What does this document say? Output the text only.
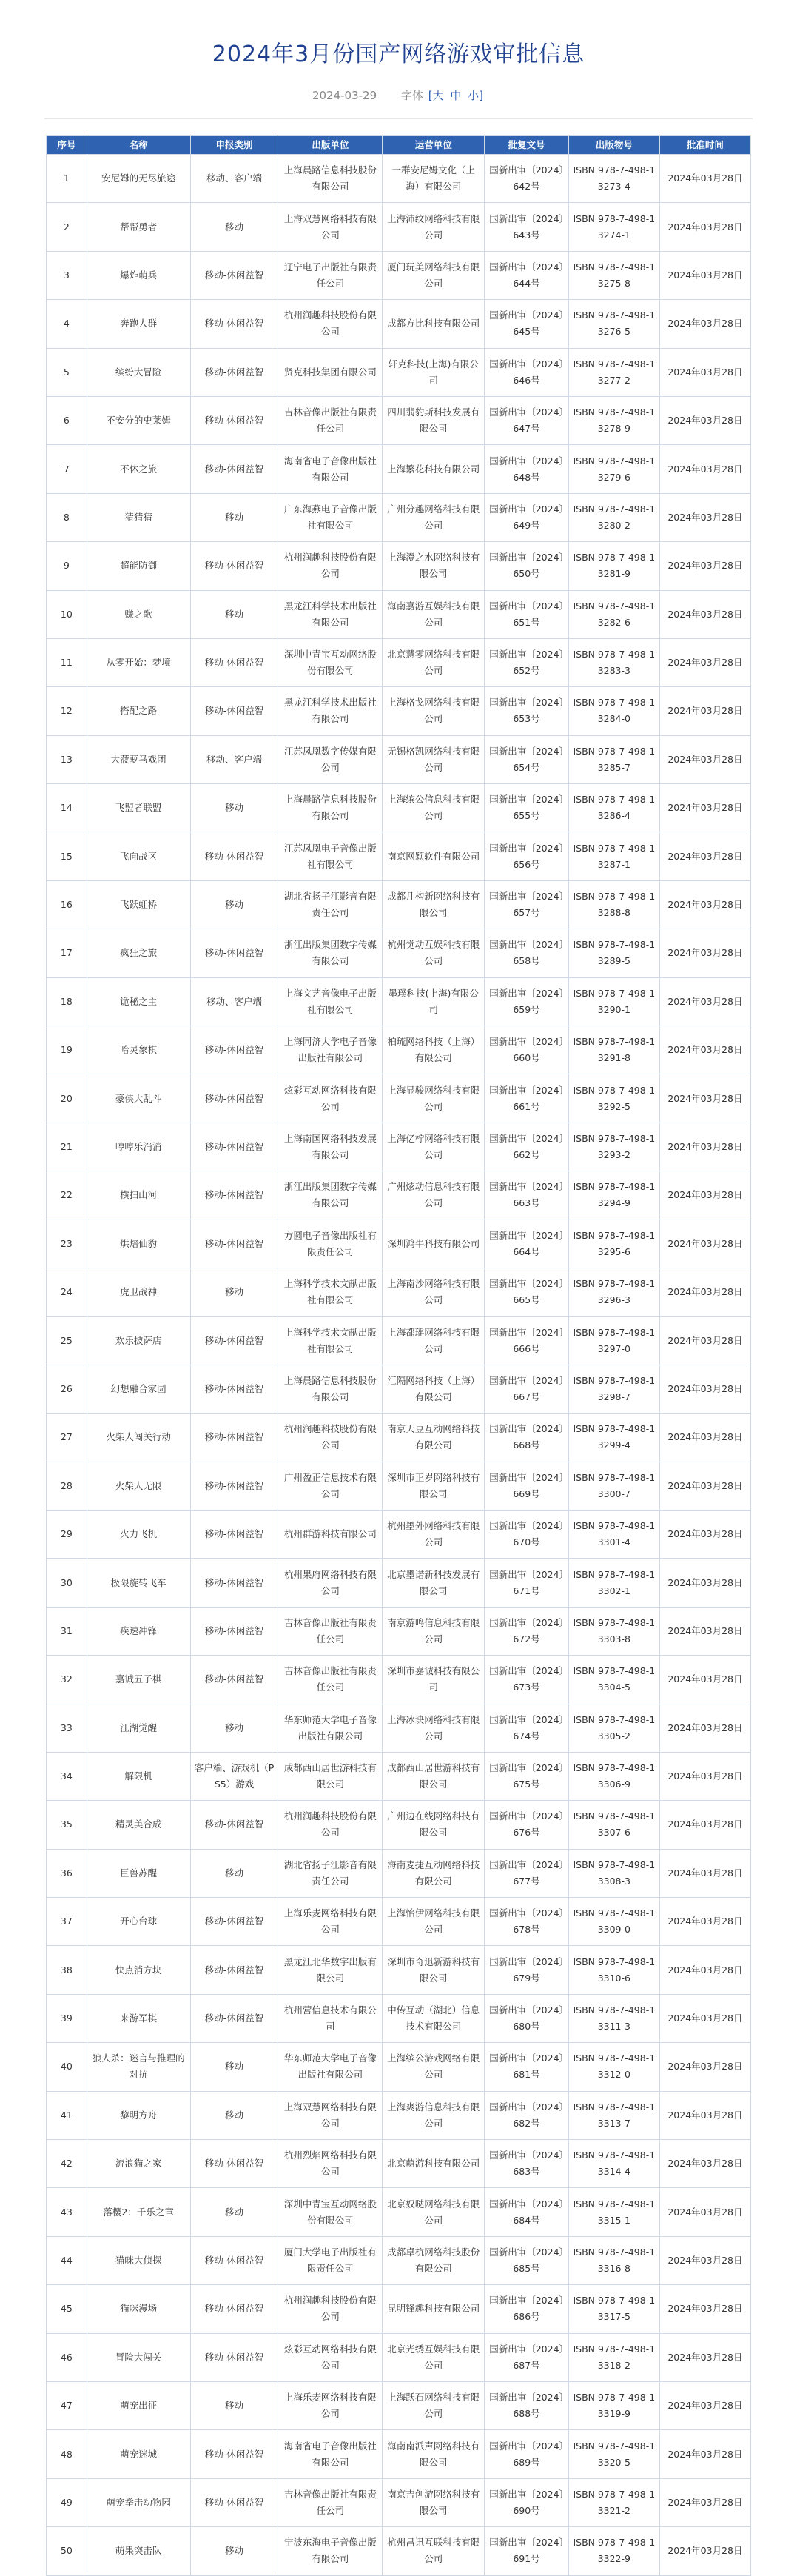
2024年3月份国产网络游戏审批信息
2024-03-29 字体 [大 中 小]
序号	名称	申报类别	出版单位	运营单位	批复文号	出版物号	批准时间
1	安尼姆的无尽旅途	移动、客户端	上海晨路信息科技股份有限公司	一群安尼姆文化（上海）有限公司	国新出审〔2024〕642号	ISBN 978-7-498-13273-4	2024年03月28日
2	帮帮勇者	移动	上海双慧网络科技有限公司	上海沛纹网络科技有限公司	国新出审〔2024〕643号	ISBN 978-7-498-13274-1	2024年03月28日
3	爆炸萌兵	移动-休闲益智	辽宁电子出版社有限责任公司	厦门玩美网络科技有限公司	国新出审〔2024〕644号	ISBN 978-7-498-13275-8	2024年03月28日
4	奔跑人群	移动-休闲益智	杭州润趣科技股份有限公司	成都方比科技有限公司	国新出审〔2024〕645号	ISBN 978-7-498-13276-5	2024年03月28日
5	缤纷大冒险	移动-休闲益智	贤克科技集团有限公司	轩克科技(上海)有限公司	国新出审〔2024〕646号	ISBN 978-7-498-13277-2	2024年03月28日
6	不安分的史莱姆	移动-休闲益智	吉林音像出版社有限责任公司	四川翡豹斯科技发展有限公司	国新出审〔2024〕647号	ISBN 978-7-498-13278-9	2024年03月28日
7	不休之旅	移动-休闲益智	海南省电子音像出版社有限公司	上海繁花科技有限公司	国新出审〔2024〕648号	ISBN 978-7-498-13279-6	2024年03月28日
8	猜猜猜	移动	广东海燕电子音像出版社有限公司	广州分趣网络科技有限公司	国新出审〔2024〕649号	ISBN 978-7-498-13280-2	2024年03月28日
9	超能防御	移动-休闲益智	杭州润趣科技股份有限公司	上海澄之水网络科技有限公司	国新出审〔2024〕650号	ISBN 978-7-498-13281-9	2024年03月28日
10	赚之歌	移动	黑龙江科学技术出版社有限公司	海南嘉游互娱科技有限公司	国新出审〔2024〕651号	ISBN 978-7-498-13282-6	2024年03月28日
11	从零开始：梦境	移动-休闲益智	深圳中青宝互动网络股份有限公司	北京慧零网络科技有限公司	国新出审〔2024〕652号	ISBN 978-7-498-13283-3	2024年03月28日
12	搭配之路	移动-休闲益智	黑龙江科学技术出版社有限公司	上海格戈网络科技有限公司	国新出审〔2024〕653号	ISBN 978-7-498-13284-0	2024年03月28日
13	大菠萝马戏团	移动、客户端	江苏凤凰数字传媒有限公司	无锡格凯网络科技有限公司	国新出审〔2024〕654号	ISBN 978-7-498-13285-7	2024年03月28日
14	飞盟者联盟	移动	上海晨路信息科技股份有限公司	上海缤公信息科技有限公司	国新出审〔2024〕655号	ISBN 978-7-498-13286-4	2024年03月28日
15	飞向战区	移动-休闲益智	江苏凤凰电子音像出版社有限公司	南京网颖软件有限公司	国新出审〔2024〕656号	ISBN 978-7-498-13287-1	2024年03月28日
16	飞跃虹桥	移动	湖北省扬子江影音有限责任公司	成都几构新网络科技有限公司	国新出审〔2024〕657号	ISBN 978-7-498-13288-8	2024年03月28日
17	疯狂之旅	移动-休闲益智	浙江出版集团数字传媒有限公司	杭州觉动互娱科技有限公司	国新出审〔2024〕658号	ISBN 978-7-498-13289-5	2024年03月28日
18	诡秘之主	移动、客户端	上海文艺音像电子出版社有限公司	墨璞科技(上海)有限公司	国新出审〔2024〕659号	ISBN 978-7-498-13290-1	2024年03月28日
19	哈灵象棋	移动-休闲益智	上海同济大学电子音像出版社有限公司	柏琉网络科技（上海）有限公司	国新出审〔2024〕660号	ISBN 978-7-498-13291-8	2024年03月28日
20	豪侠大乱斗	移动-休闲益智	炫彩互动网络科技有限公司	上海显骏网络科技有限公司	国新出审〔2024〕661号	ISBN 978-7-498-13292-5	2024年03月28日
21	哼哼乐消消	移动-休闲益智	上海南国网络科技发展有限公司	上海亿柠网络科技有限公司	国新出审〔2024〕662号	ISBN 978-7-498-13293-2	2024年03月28日
22	横扫山河	移动-休闲益智	浙江出版集团数字传媒有限公司	广州炫动信息科技有限公司	国新出审〔2024〕663号	ISBN 978-7-498-13294-9	2024年03月28日
23	烘焙仙豹	移动-休闲益智	方圆电子音像出版社有限责任公司	深圳鸿牛科技有限公司	国新出审〔2024〕664号	ISBN 978-7-498-13295-6	2024年03月28日
24	虎卫战神	移动	上海科学技术文献出版社有限公司	上海南沙网络科技有限公司	国新出审〔2024〕665号	ISBN 978-7-498-13296-3	2024年03月28日
25	欢乐披萨店	移动-休闲益智	上海科学技术文献出版社有限公司	上海都瑶网络科技有限公司	国新出审〔2024〕666号	ISBN 978-7-498-13297-0	2024年03月28日
26	幻想融合家园	移动-休闲益智	上海晨路信息科技股份有限公司	汇隔网络科技（上海）有限公司	国新出审〔2024〕667号	ISBN 978-7-498-13298-7	2024年03月28日
27	火柴人闯关行动	移动-休闲益智	杭州润趣科技股份有限公司	南京天豆互动网络科技有限公司	国新出审〔2024〕668号	ISBN 978-7-498-13299-4	2024年03月28日
28	火柴人无限	移动-休闲益智	广州盈正信息技术有限公司	深圳市正岁网络科技有限公司	国新出审〔2024〕669号	ISBN 978-7-498-13300-7	2024年03月28日
29	火力飞机	移动-休闲益智	杭州群游科技有限公司	杭州墨外网络科技有限公司	国新出审〔2024〕670号	ISBN 978-7-498-13301-4	2024年03月28日
30	极限旋转飞车	移动-休闲益智	杭州果府网络科技有限公司	北京墨诺新科技发展有限公司	国新出审〔2024〕671号	ISBN 978-7-498-13302-1	2024年03月28日
31	疾速冲锋	移动-休闲益智	吉林音像出版社有限责任公司	南京游鸣信息科技有限公司	国新出审〔2024〕672号	ISBN 978-7-498-13303-8	2024年03月28日
32	嘉诚五子棋	移动-休闲益智	吉林音像出版社有限责任公司	深圳市嘉诚科技有限公司	国新出审〔2024〕673号	ISBN 978-7-498-13304-5	2024年03月28日
33	江湖觉醒	移动	华东师范大学电子音像出版社有限公司	上海冰块网络科技有限公司	国新出审〔2024〕674号	ISBN 978-7-498-13305-2	2024年03月28日
34	解限机	客户端、游戏机（PS5）游戏	成都西山居世游科技有限公司	成都西山居世游科技有限公司	国新出审〔2024〕675号	ISBN 978-7-498-13306-9	2024年03月28日
35	精灵美合成	移动-休闲益智	杭州润趣科技股份有限公司	广州边在线网络科技有限公司	国新出审〔2024〕676号	ISBN 978-7-498-13307-6	2024年03月28日
36	巨兽苏醒	移动	湖北省扬子江影音有限责任公司	海南麦捷互动网络科技有限公司	国新出审〔2024〕677号	ISBN 978-7-498-13308-3	2024年03月28日
37	开心台球	移动-休闲益智	上海乐麦网络科技有限公司	上海怡伊网络科技有限公司	国新出审〔2024〕678号	ISBN 978-7-498-13309-0	2024年03月28日
38	快点消方块	移动-休闲益智	黑龙江北华数字出版有限公司	深圳市奇迅新游科技有限公司	国新出审〔2024〕679号	ISBN 978-7-498-13310-6	2024年03月28日
39	来游军棋	移动-休闲益智	杭州营信息技术有限公司	中传互动（湖北）信息技术有限公司	国新出审〔2024〕680号	ISBN 978-7-498-13311-3	2024年03月28日
40	狼人杀：迷言与推理的对抗	移动	华东师范大学电子音像出版社有限公司	上海缤公游戏网络有限公司	国新出审〔2024〕681号	ISBN 978-7-498-13312-0	2024年03月28日
41	黎明方舟	移动	上海双慧网络科技有限公司	上海爽游信息科技有限公司	国新出审〔2024〕682号	ISBN 978-7-498-13313-7	2024年03月28日
42	流浪猫之家	移动-休闲益智	杭州烈焰网络科技有限公司	北京萌游科技有限公司	国新出审〔2024〕683号	ISBN 978-7-498-13314-4	2024年03月28日
43	落樱2：千乐之章	移动	深圳中青宝互动网络股份有限公司	北京奴哒网络科技有限公司	国新出审〔2024〕684号	ISBN 978-7-498-13315-1	2024年03月28日
44	猫咪大侦探	移动-休闲益智	厦门大学电子出版社有限责任公司	成都卓杭网络科技股份有限公司	国新出审〔2024〕685号	ISBN 978-7-498-13316-8	2024年03月28日
45	猫咪漫场	移动-休闲益智	杭州润趣科技股份有限公司	昆明锋趣科技有限公司	国新出审〔2024〕686号	ISBN 978-7-498-13317-5	2024年03月28日
46	冒险大闯关	移动-休闲益智	炫彩互动网络科技有限公司	北京光绣互娱科技有限公司	国新出审〔2024〕687号	ISBN 978-7-498-13318-2	2024年03月28日
47	萌宠出征	移动	上海乐麦网络科技有限公司	上海跃石网络科技有限公司	国新出审〔2024〕688号	ISBN 978-7-498-13319-9	2024年03月28日
48	萌宠迷城	移动-休闲益智	海南省电子音像出版社有限公司	海南南派声网络科技有限公司	国新出审〔2024〕689号	ISBN 978-7-498-13320-5	2024年03月28日
49	萌宠拳击动物园	移动-休闲益智	吉林音像出版社有限责任公司	南京吉创游网络科技有限公司	国新出审〔2024〕690号	ISBN 978-7-498-13321-2	2024年03月28日
50	萌果突击队	移动	宁波东海电子音像出版有限公司	杭州昌讯互联科技有限公司	国新出审〔2024〕691号	ISBN 978-7-498-13322-9	2024年03月28日
